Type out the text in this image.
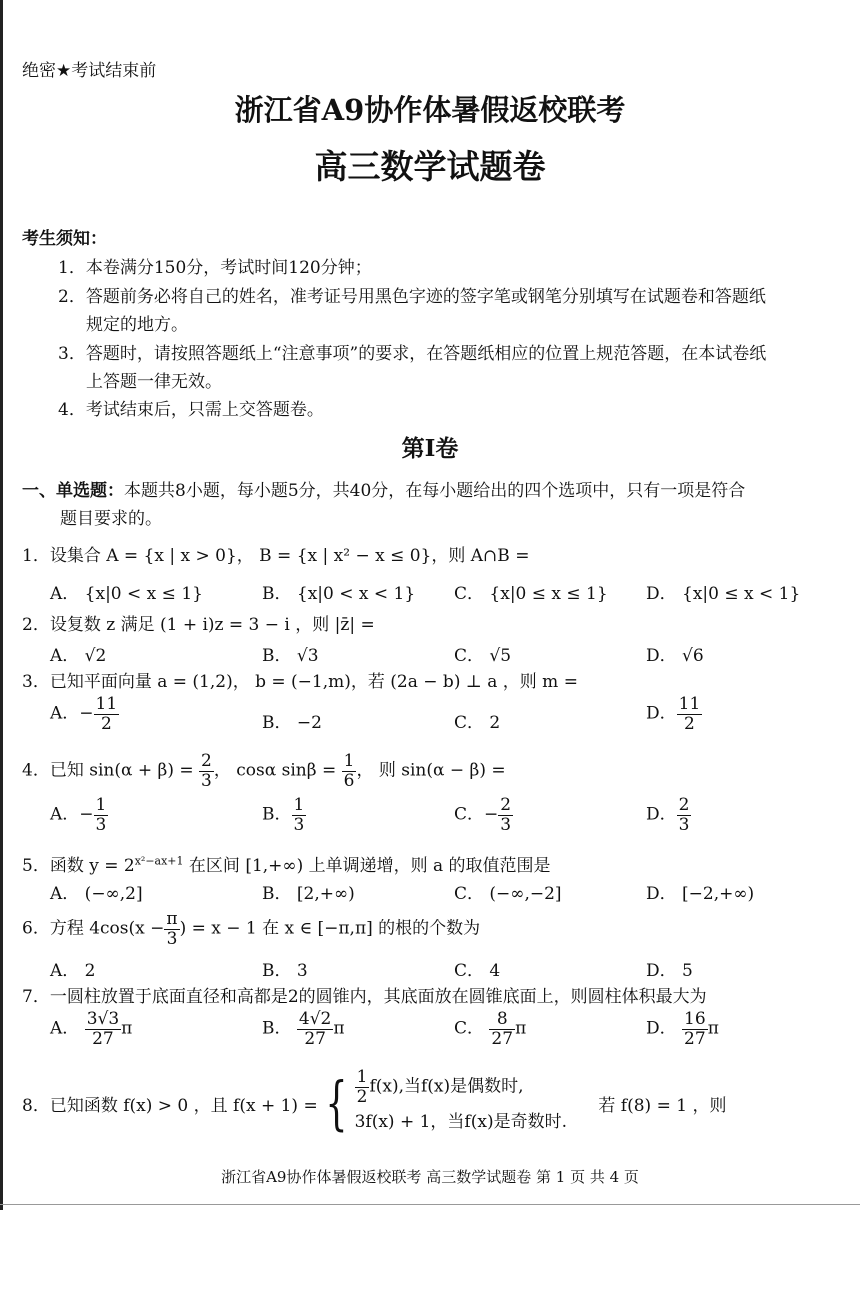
绝密★考试结束前
浙江省A9协作体暑假返校联考
高三数学试题卷
考生须知：
1．本卷满分150分，考试时间120分钟；
2．答题前务必将自己的姓名，准考证号用黑色字迹的签字笔或钢笔分别填写在试题卷和答题纸
规定的地方。
3．答题时，请按照答题纸上“注意事项”的要求，在答题纸相应的位置上规范答题，在本试卷纸
上答题一律无效。
4．考试结束后，只需上交答题卷。
第Ⅰ卷
一、单选题：本题共8小题，每小题5分，共40分，在每小题给出的四个选项中，只有一项是符合
题目要求的。
1．设集合 A = {x | x > 0}， B = {x | x² − x ≤ 0}，则 A∩B =
A． {x|0 < x ≤ 1}	B． {x|0 < x < 1} C． {x|0 ≤ x ≤ 1} D． {x|0 ≤ x < 1}
2．设复数 z 满足 (1 + i)z = 3 − i ，则 |z̄| =
A． √2	B． √3	C． √5	D． √6
3．已知平面向量 a = (1,2)， b = (−1,m)，若 (2a − b) ⊥ a ，则 m =
A．− $\frac{11}{2}$	B． −2	C． 2	D． $\frac{11}{2}$
4．已知 $\sin(\alpha + \beta) = \frac{2}{3}$ ， cosα $\sin\beta = \frac{1}{6}$ ， 则 sin(α − β) =
A．− $\frac{1}{3}$	B． $\frac{1}{3}$	C．− $\frac{2}{3}$	D． $\frac{2}{3}$
5．函数 $y = 2^{x^2-ax+1}$ 在区间 [1,+∞) 上单调递增，则 a 的取值范围是
A． (−∞,2]	B． [2,+∞)	C． (−∞,−2]	D． [−2,+∞)
6．方程 $4\cos(x - \frac{\pi}{3}$ ) = x − 1 在 x ∈ [−π,π] 的根的个数为
A． 2	B． 3	C． 4	D． 5
7．一圆柱放置于底面直径和高都是2的圆锥内，其底面放在圆锥底面上，则圆柱体积最大为
A． $\frac{3√3}{27}$ π	B． $\frac{4√2}{27}$ π	C． $\frac{8}{27}$ π	D． $\frac{16}{27}$ π
8．已知函数 f(x) > 0 ，且 f(x + 1) = { $\frac{1}{2} f(x)$,当f(x)是偶数时,
3f(x) + 1，当f(x)是奇数时.
若 f(8) = 1 ，则
浙江省A9协作体暑假返校联考 高三数学试题卷 第 1 页 共 4 页
